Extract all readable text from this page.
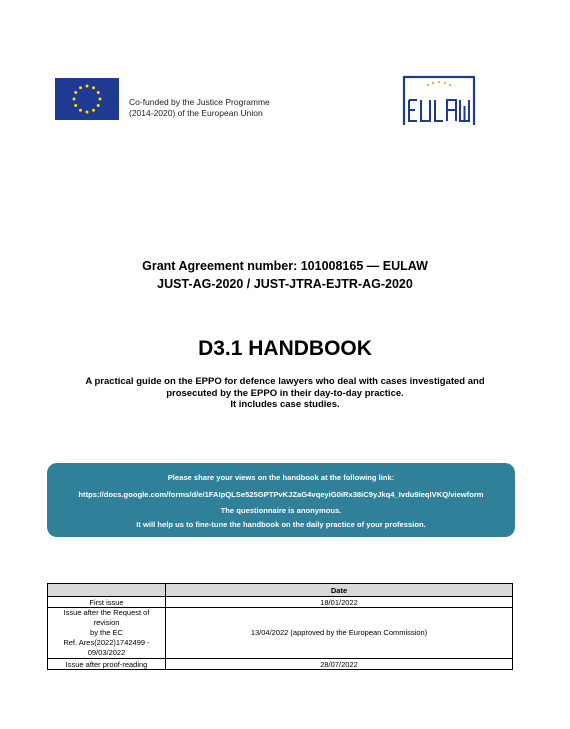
Co-funded by the Justice Programme
(2014-2020) of the European Union
Grant Agreement number: 101008165 — EULAW
JUST-AG-2020 / JUST-JTRA-EJTR-AG-2020
D3.1 HANDBOOK
A practical guide on the EPPO for defence lawyers who deal with cases investigated and
prosecuted by the EPPO in their day-to-day practice.
It includes case studies.
Please share your views on the handbook at the following link:
https://docs.google.com/forms/d/e/1FAIpQLSe525GPTPvKJZaG4vqeyiG0iRx38iC9yJkq4_Ivdu9ieqIVKQ/viewform
The questionnaire is anonymous.
It will help us to fine-tune the handbook on the daily practice of your profession.
	Date

First issue	18/01/2022

Issue after the Request of revision
by the EC
Ref. Ares(2022)1742499 -
09/03/2022	13/04/2022 (approved by the European Commission)

Issue after proof-reading	28/07/2022
